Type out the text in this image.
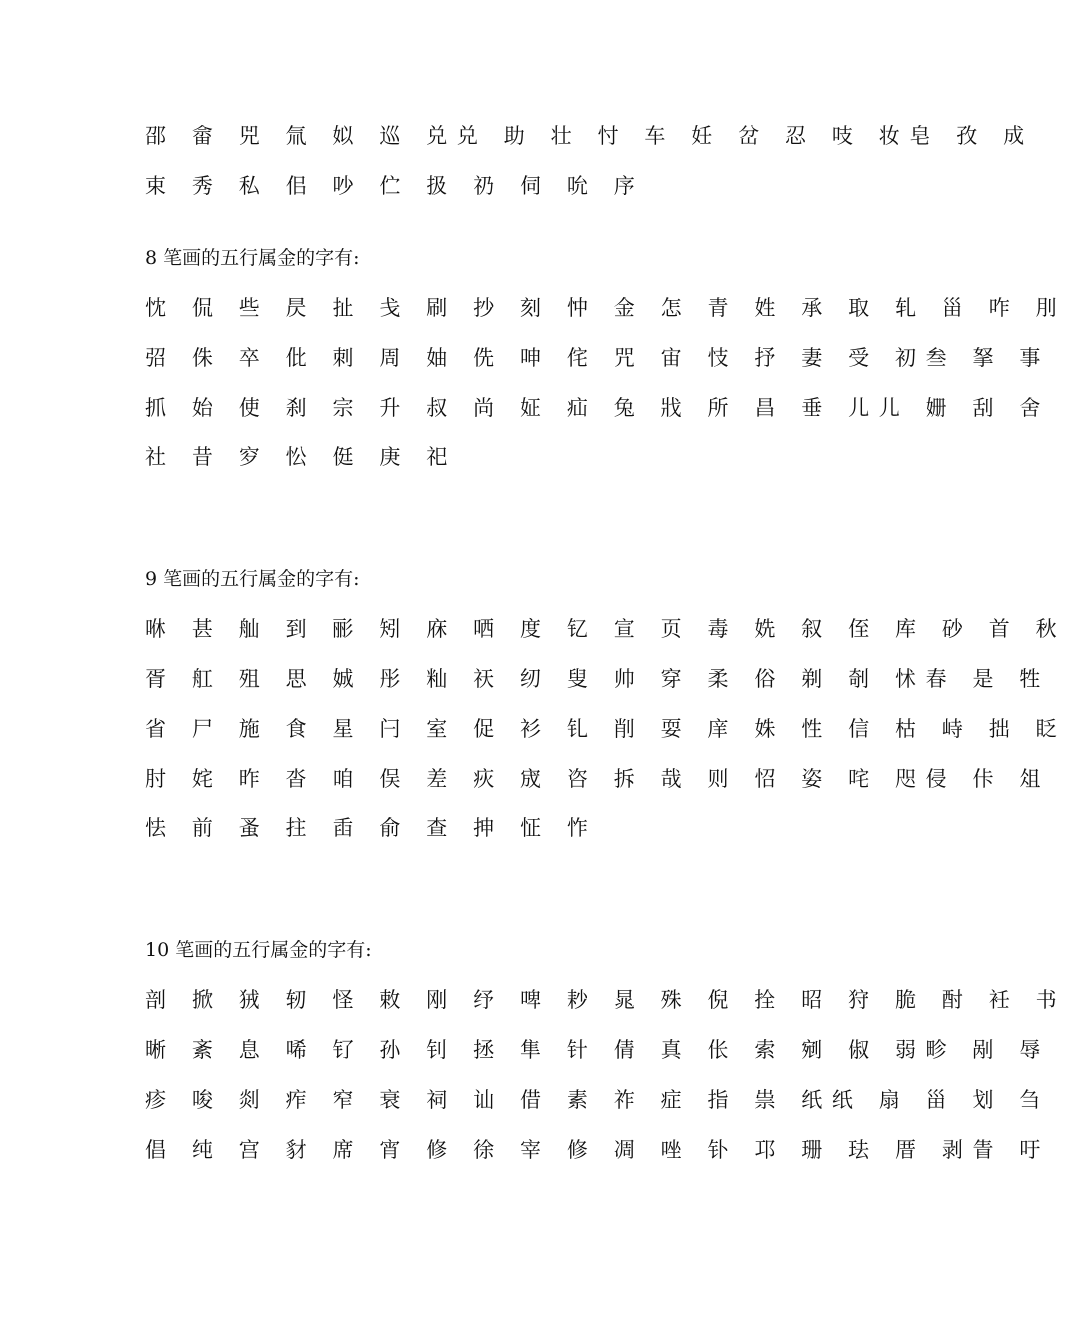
邵 畲 兕 氚 姒 巡 兑兑 助 壮 忖 车 妊 岔 忍 吱 妆皂 孜 成
束 秀 私 佀 吵 伫 扱 礽 伺 吮 序
8 笔画的五行属金的字有:
忱 侃 些 昃 扯 戋 刷 抄 刻 忡 金 怎 青 姓 承 取 轧 甾 咋 刖
弨 侏 卒 仳 刺 周 妯 侁 呻 侘 咒 宙 忮 抒 妻 受 初叁 拏 事
抓 始 使 刹 宗 升 叔 尚 姃 疝 兔 戕 所 昌 垂 儿儿 姗 刮 舍
社 昔 穸 忪 侹 庚 祀
9 笔画的五行属金的字有:
咻 甚 舢 到 彨 矧 庥 哂 度 钇 宣 页 毒 姺 叙 侄 库 砂 首 秋
胥 舡 殂 思 娍 彤 籼 祆 纫 叟 帅 穿 柔 俗 剃 剞 怵春 是 牲
省 尸 施 食 星 闩 室 促 衫 钆 削 耍 庠 姝 性 信 枯 峙 拙 眨
肘 姹 昨 沓 咱 俣 差 疢 宬 咨 拆 哉 则 怊 姿 咤 咫侵 佧 俎
怯 前 蚤 拄 臿 俞 查 抻 怔 怍
10 笔画的五行属金的字有:
剖 掀 狨 轫 怪 敕 刚 纾 啤 耖 晁 殊 倪 拴 昭 狩 脆 酎 衽 书
晰 紊 息 唏 钌 孙 钊 拯 隼 针 倩 真 伥 索 剜 俶 弱畛 剐 辱
疹 唆 剡 痄 窄 衰 祠 讪 借 素 祚 症 指 祟 纸纸 扇 甾 划 刍
倡 纯 宫 豺 席 宵 修 徐 宰 修 凋 唑 钋 邛 珊 珐 厝 剥眚 吁
